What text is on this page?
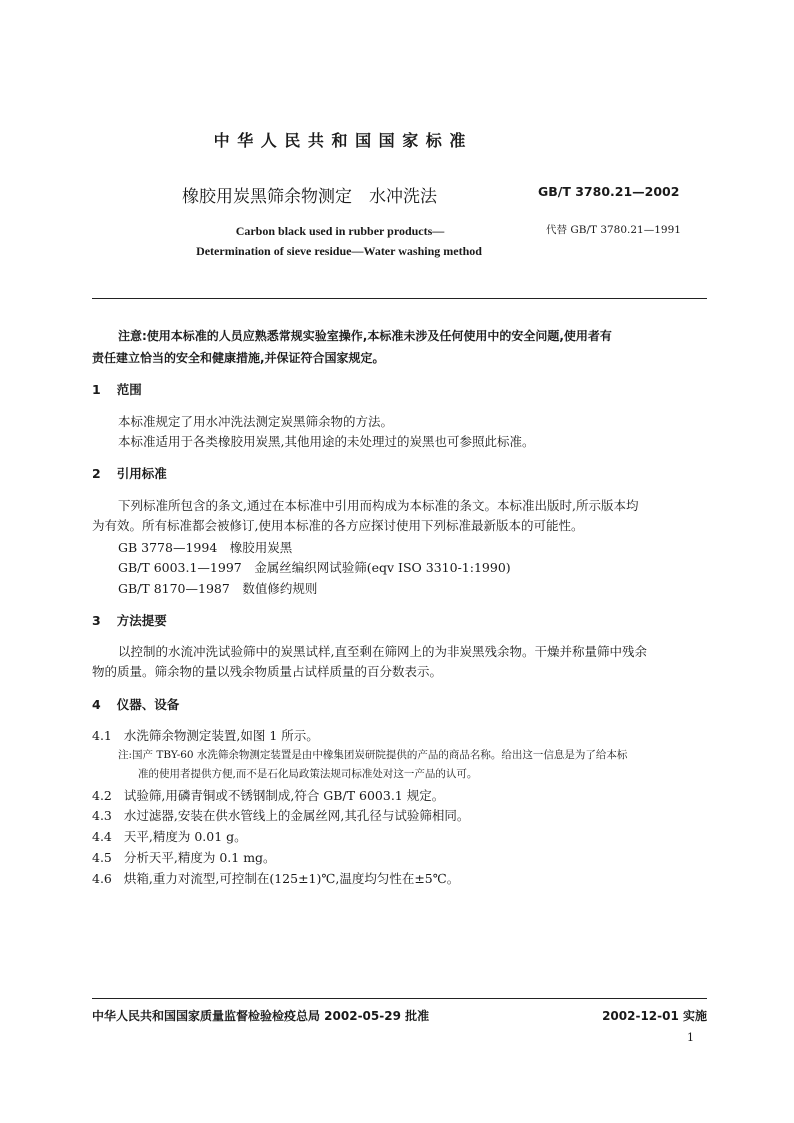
中 华 人 民 共 和 国 国 家 标 准
橡胶用炭黑筛余物测定　水冲洗法	GB/T 3780.21—2002
Carbon black used in rubber products—
Determination of sieve residue—Water washing method
代替 GB/T 3780.21—1991
注意:使用本标准的人员应熟悉常规实验室操作,本标准未涉及任何使用中的安全问题,使用者有
责任建立恰当的安全和健康措施,并保证符合国家规定。
1 范围
本标准规定了用水冲洗法测定炭黑筛余物的方法。
本标准适用于各类橡胶用炭黑,其他用途的未处理过的炭黑也可参照此标准。
2 引用标准
下列标准所包含的条文,通过在本标准中引用而构成为本标准的条文。本标准出版时,所示版本均
为有效。所有标准都会被修订,使用本标准的各方应探讨使用下列标准最新版本的可能性。
GB 3778—1994　橡胶用炭黑
GB/T 6003.1—1997　金属丝编织网试验筛(eqv ISO 3310-1:1990)
GB/T 8170—1987　数值修约规则
3 方法提要
以控制的水流冲洗试验筛中的炭黑试样,直至剩在筛网上的为非炭黑残余物。干燥并称量筛中残余
物的质量。筛余物的量以残余物质量占试样质量的百分数表示。
4 仪器、设备
4.1 水洗筛余物测定装置,如图 1 所示。
注:国产 TBY-60 水洗筛余物测定装置是由中橡集团炭研院提供的产品的商品名称。给出这一信息是为了给本标
准的使用者提供方便,而不是石化局政策法规司标准处对这一产品的认可。
4.2 试验筛,用磷青铜或不锈钢制成,符合 GB/T 6003.1 规定。
4.3 水过滤器,安装在供水管线上的金属丝网,其孔径与试验筛相同。
4.4 天平,精度为 0.01 g。
4.5 分析天平,精度为 0.1 mg。
4.6 烘箱,重力对流型,可控制在(125±1)℃,温度均匀性在±5℃。
中华人民共和国国家质量监督检验检疫总局 2002-05-29 批准	2002-12-01 实施
1
